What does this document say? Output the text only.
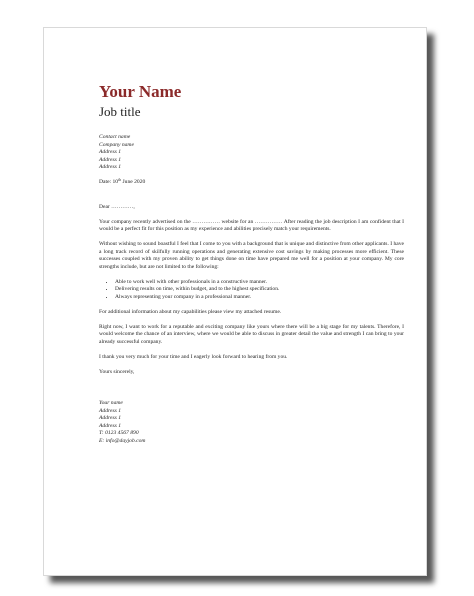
Your Name
Job title
Contact name
Company name
Address 1
Address 1
Address 1
Date: 10th June 2020

Dear …………,

Your company recently advertised on the …………… website for an …………… After reading the job description I am confident that I would be a perfect fit for this position as my experience and abilities precisely match your requirements.

Without wishing to sound boastful I feel that I come to you with a background that is unique and distinctive from other applicants. I have a long track record of skilfully running operations and generating extensive cost savings by making processes more efficient. These successes coupled with my proven ability to get things done on time have prepared me well for a position at your company. My core strengths include, but are not limited to the following:

• Able to work well with other professionals in a constructive manner.
• Delivering results on time, within budget, and to the highest specification.
• Always representing your company in a professional manner.

For additional information about my capabilities please view my attached resume.

Right now, I want to work for a reputable and exciting company like yours where there will be a big stage for my talents. Therefore, I would welcome the chance of an interview, where we would be able to discuss in greater detail the value and strength I can bring to your already successful company.

I thank you very much for your time and I eagerly look forward to hearing from you.

Yours sincerely,

Your name
Address 1
Address 1
Address 1
T: 0123 4567 890
E: info@dayjob.com
